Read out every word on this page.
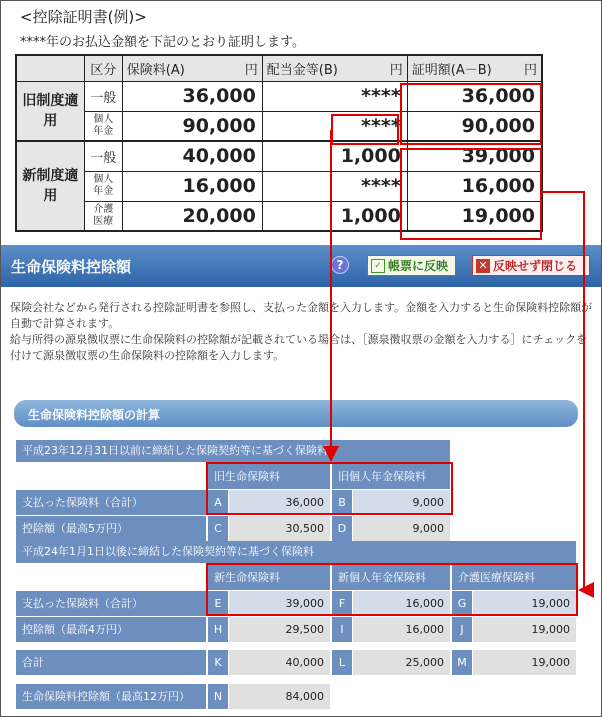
<控除証明書(例)>
****年のお払込金額を下記のとおり証明します。
	区分	保険料(A) 円	配当金等(B) 円	証明額(A－B) 円

旧制度適用	一般	36,000	****	36,000
	個人年金	90,000	****	90,000
新制度適用	一般	40,000	1,000	39,000
	個人年金	16,000	****	16,000
	介護医療	20,000	1,000	19,000
生命保険料控除額	?	✓ 帳票に反映	✕ 反映せず閉じる

保険会社などから発行される控除証明書を参照し、支払った金額を入力します。金額を入力すると生命保険料控除額が自動で計算されます。

給与所得の源泉徴収票に生命保険料の控除額が記載されている場合は、［源泉徴収票の金額を入力する］にチェックを付けて源泉徴収票の生命保険料の控除額を入力します。

生命保険料控除額の計算
平成23年12月31日以前に締結した保険契約等に基づく保険料
旧生命保険料	旧個人年金保険料
支払った保険料（合計）	A	36,000	B	9,000
控除額（最高5万円）	C	30,500	D	9,000
平成24年1月1日以後に締結した保険契約等に基づく保険料
新生命保険料	新個人年金保険料	介護医療保険料
支払った保険料（合計）	E	39,000	F	16,000	G	19,000
控除額（最高4万円）	H	29,500	I	16,000	J	19,000
合計	K	40,000	L	25,000	M	19,000
生命保険料控除額（最高12万円）	N	84,000
